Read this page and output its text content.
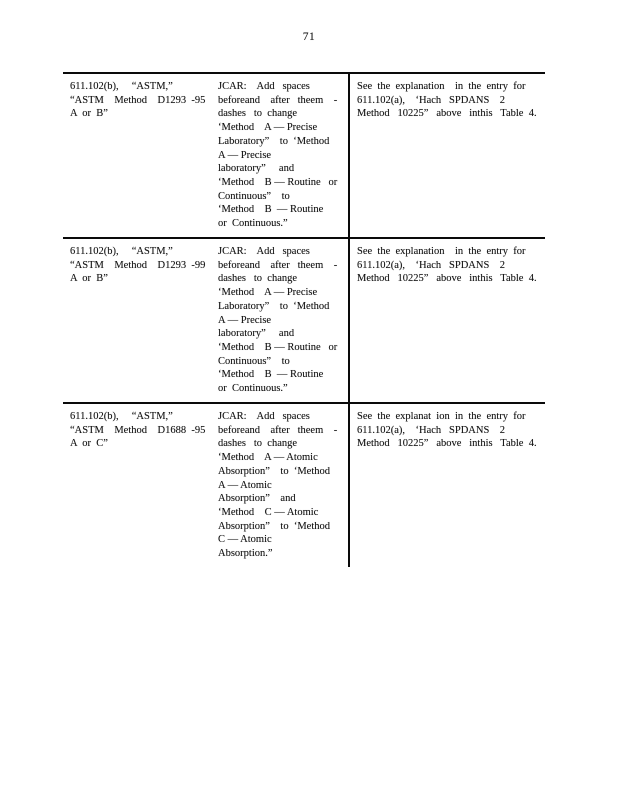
71
611.102(b),     “ASTM,”
“ASTM    Method    D1293  -95
A  or  B”
JCAR:    Add   spaces
beforeand    after   theem    -
dashes   to  change
‘Method    A — Precise
Laboratory”    to  ‘Method
A — Precise
laboratory”     and
‘Method    B — Routine   or
Continuous”    to
‘Method    B  — Routine
or  Continuous.”
See  the  explanation    in  the  entry  for
611.102(a),    ‘Hach   SPDANS    2
Method   10225”   above   inthis   Table  4.
611.102(b),     “ASTM,”
“ASTM    Method    D1293  -99
A  or  B”
JCAR:    Add   spaces
beforeand    after   theem    -
dashes   to  change
‘Method    A — Precise
Laboratory”    to  ‘Method
A — Precise
laboratory”     and
‘Method    B — Routine   or
Continuous”    to
‘Method    B  — Routine
or  Continuous.”
See  the  explanation    in  the  entry  for
611.102(a),    ‘Hach   SPDANS    2
Method   10225”   above   inthis   Table  4.
611.102(b),     “ASTM,”
“ASTM    Method    D1688  -95
A  or  C”
JCAR:    Add   spaces
beforeand    after   theem    -
dashes   to  change
‘Method    A — Atomic
Absorption”    to  ‘Method
A — Atomic
Absorption”    and
‘Method    C — Atomic
Absorption”    to  ‘Method
C — Atomic
Absorption.”
See  the  explanat  ion  in  the  entry  for
611.102(a),    ‘Hach   SPDANS    2
Method   10225”   above   inthis   Table  4.
